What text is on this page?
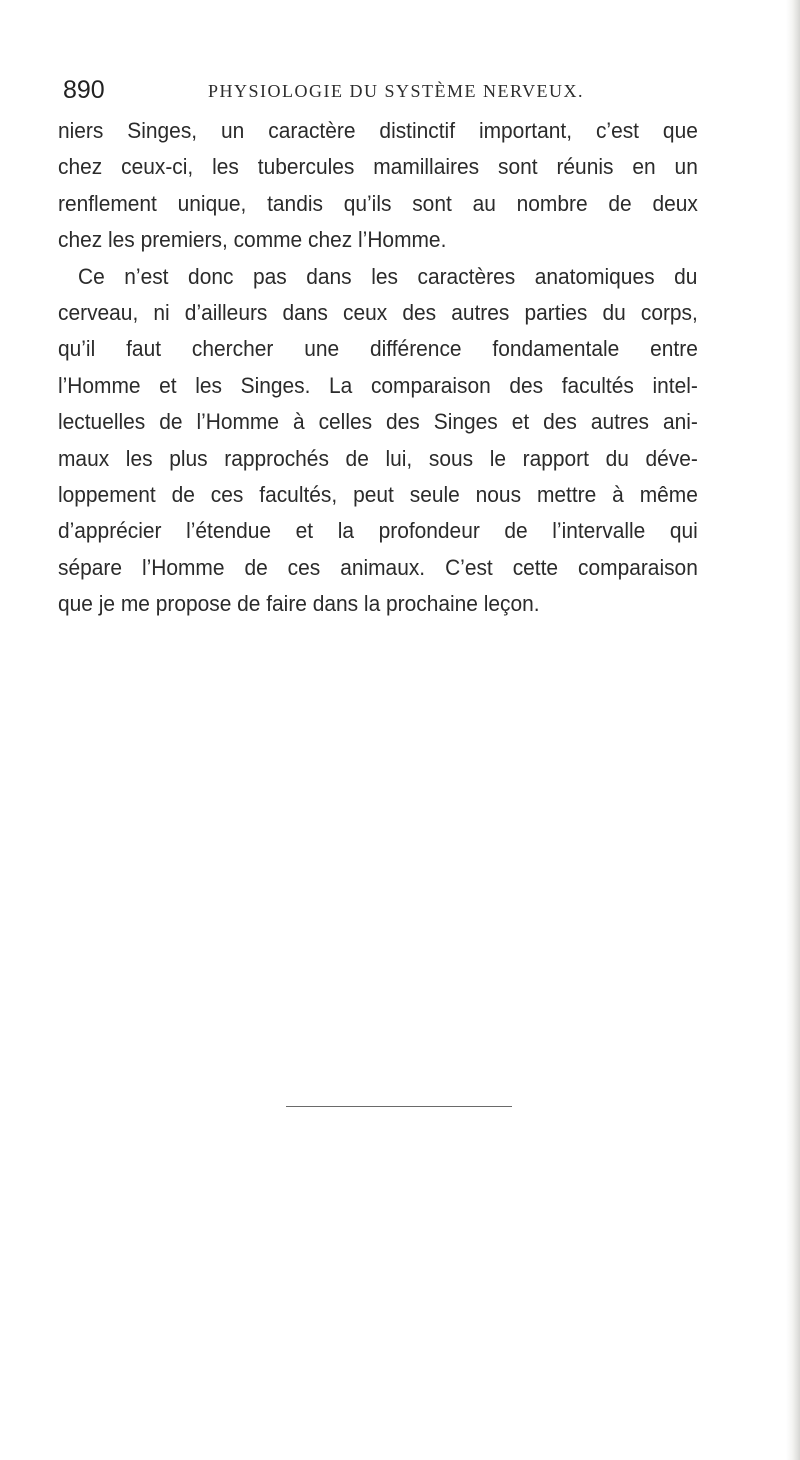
890	PHYSIOLOGIE DU SYSTÈME NERVEUX.
niers Singes, un caractère distinctif important, c’est que
chez ceux-ci, les tubercules mamillaires sont réunis en un
renflement unique, tandis qu’ils sont au nombre de deux
chez les premiers, comme chez l’Homme.
Ce n’est donc pas dans les caractères anatomiques du
cerveau, ni d’ailleurs dans ceux des autres parties du corps,
qu’il faut chercher une différence fondamentale entre
l’Homme et les Singes. La comparaison des facultés intel-
lectuelles de l’Homme à celles des Singes et des autres ani-
maux les plus rapprochés de lui, sous le rapport du déve-
loppement de ces facultés, peut seule nous mettre à même
d’apprécier l’étendue et la profondeur de l’intervalle qui
sépare l’Homme de ces animaux. C’est cette comparaison
que je me propose de faire dans la prochaine leçon.
